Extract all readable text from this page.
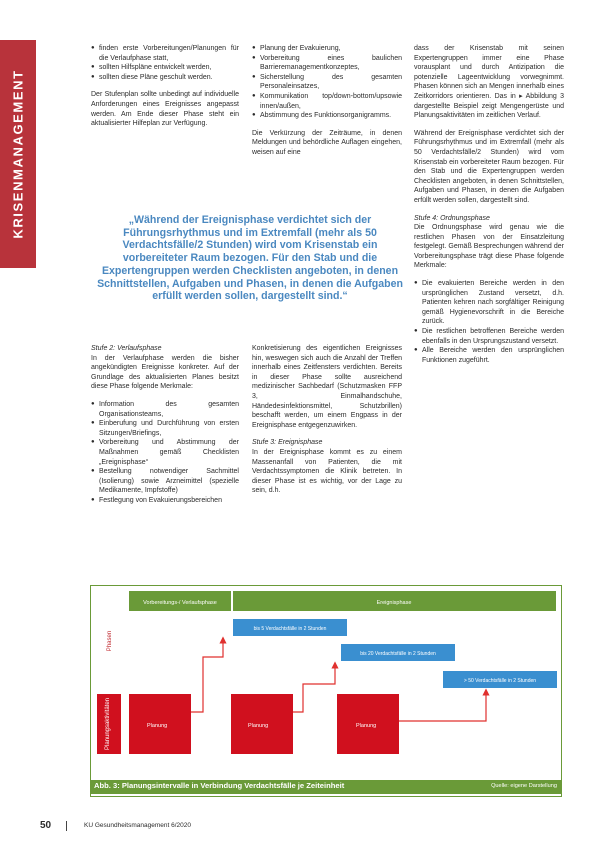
KRISENMANAGEMENT
● finden erste Vorbereitungen/Planungen für die Verlaufphase statt,
● sollten Hilfspläne entwickelt werden,
● sollten diese Pläne geschult werden.

Der Stufenplan sollte unbedingt auf individuelle Anforderungen eines Ereignisses angepasst werden. Am Ende dieser Phase steht ein aktualisierter Hilfeplan zur Verfügung.

● Planung der Evakuierung,
● Vorbereitung eines baulichen Barrieremanagementkonzeptes,
● Sicherstellung des gesamten Personaleinsatzes,
● Kommunikation top/down-bottom/upsowie innen/außen,
● Abstimmung des Funktionsorganigramms.

Die Verkürzung der Zeiträume, in denen Meldungen und behördliche Auflagen eingehen, weisen auf eine

dass der Krisenstab mit seinen Expertengruppen immer eine Phase vorausplant und durch Antizipation die potenzielle Lageentwicklung vorwegnimmt. Phasen können sich an Mengen innerhalb eines Zeitkorridors orientieren. Das in ▸ Abbildung 3 dargestellte Beispiel zeigt Mengengerüste und Planungsaktivitäten im zeitlichen Verlauf.

Während der Ereignisphase verdichtet sich der Führungsrhythmus und im Extremfall (mehr als 50 Verdachtsfälle/2 Stunden) wird vom Krisenstab ein vorbereiteter Raum bezogen. Für den Stab und die Expertengruppen werden Checklisten angeboten, in denen Schnittstellen, Aufgaben und Phasen, in denen die Aufgaben erfüllt werden sollen, dargestellt sind.

Stufe 4: Ordnungsphase

Die Ordnungsphase wird genau wie die restlichen Phasen von der Einsatzleitung festgelegt. Gemäß Besprechungen während der Vorbereitungsphase trägt diese Phase folgende Merkmale:

● Die evakuierten Bereiche werden in den ursprünglichen Zustand versetzt, d.h. Patienten kehren nach sorgfältiger Reinigung gemäß Hygienevorschrift in die Bereiche zurück.
● Die restlichen betroffenen Bereiche werden ebenfalls in den Ursprungszustand versetzt.
● Alle Bereiche werden den ursprünglichen Funktionen zugeführt.
„Während der Ereignisphase verdichtet sich der Führungsrhythmus und im Extremfall (mehr als 50 Verdachtsfälle/2 Stunden) wird vom Krisenstab ein vorbereiteter Raum bezogen. Für den Stab und die Expertengruppen werden Checklisten angeboten, in denen Schnittstellen, Aufgaben und Phasen, in denen die Aufgaben erfüllt werden sollen, dargestellt sind.“
Stufe 2: Verlaufsphase

In der Verlaufphase werden die bisher angekündigten Ereignisse konkreter. Auf der Grundlage des aktualisierten Planes besitzt diese Phase folgende Merkmale:

● Information des gesamten Organisationsteams,
● Einberufung und Durchführung von ersten Sitzungen/Briefings,
● Vorbereitung und Abstimmung der Maßnahmen gemäß Checklisten „Ereignisphase“
● Bestellung notwendiger Sachmittel (Isolierung) sowie Arzneimittel (spezielle Medikamente, Impfstoffe)
● Festlegung von Evakuierungsbereichen

Konkretisierung des eigentlichen Ereignisses hin, weswegen sich auch die Anzahl der Treffen innerhalb eines Zeitfensters verdichten. Bereits in dieser Phase sollte ausreichend medizinischer Sachbedarf (Schutzmasken FFP 3, Einmalhandschuhe, Händedesinfektionsmittel, Schutzbrillen) beschafft werden, um einem Engpass in der Ereignisphase entgegenzuwirken.

Stufe 3: Ereignisphase

In der Ereignisphase kommt es zu einem Massenanfall von Patienten, die mit Verdachtssymptomen die Klinik betreten. In dieser Phase ist es wichtig, vor der Lage zu sein, d.h.

Phasen
Planungsaktivitäten
Vorbereitungs-/ Verlaufsphase	Ereignisphase
bis 5 Verdachtsfälle in 2 Stunden
bis 20 Verdachtsfälle in 2 Stunden
> 50 Verdachtsfälle in 2 Stunden
Planung	Planung	Planung
Abb. 3: Planungsintervalle in Verbindung Verdachtsfälle je Zeiteinheit	Quelle: eigene Darstellung
50	KU Gesundheitsmanagement 6/2020
